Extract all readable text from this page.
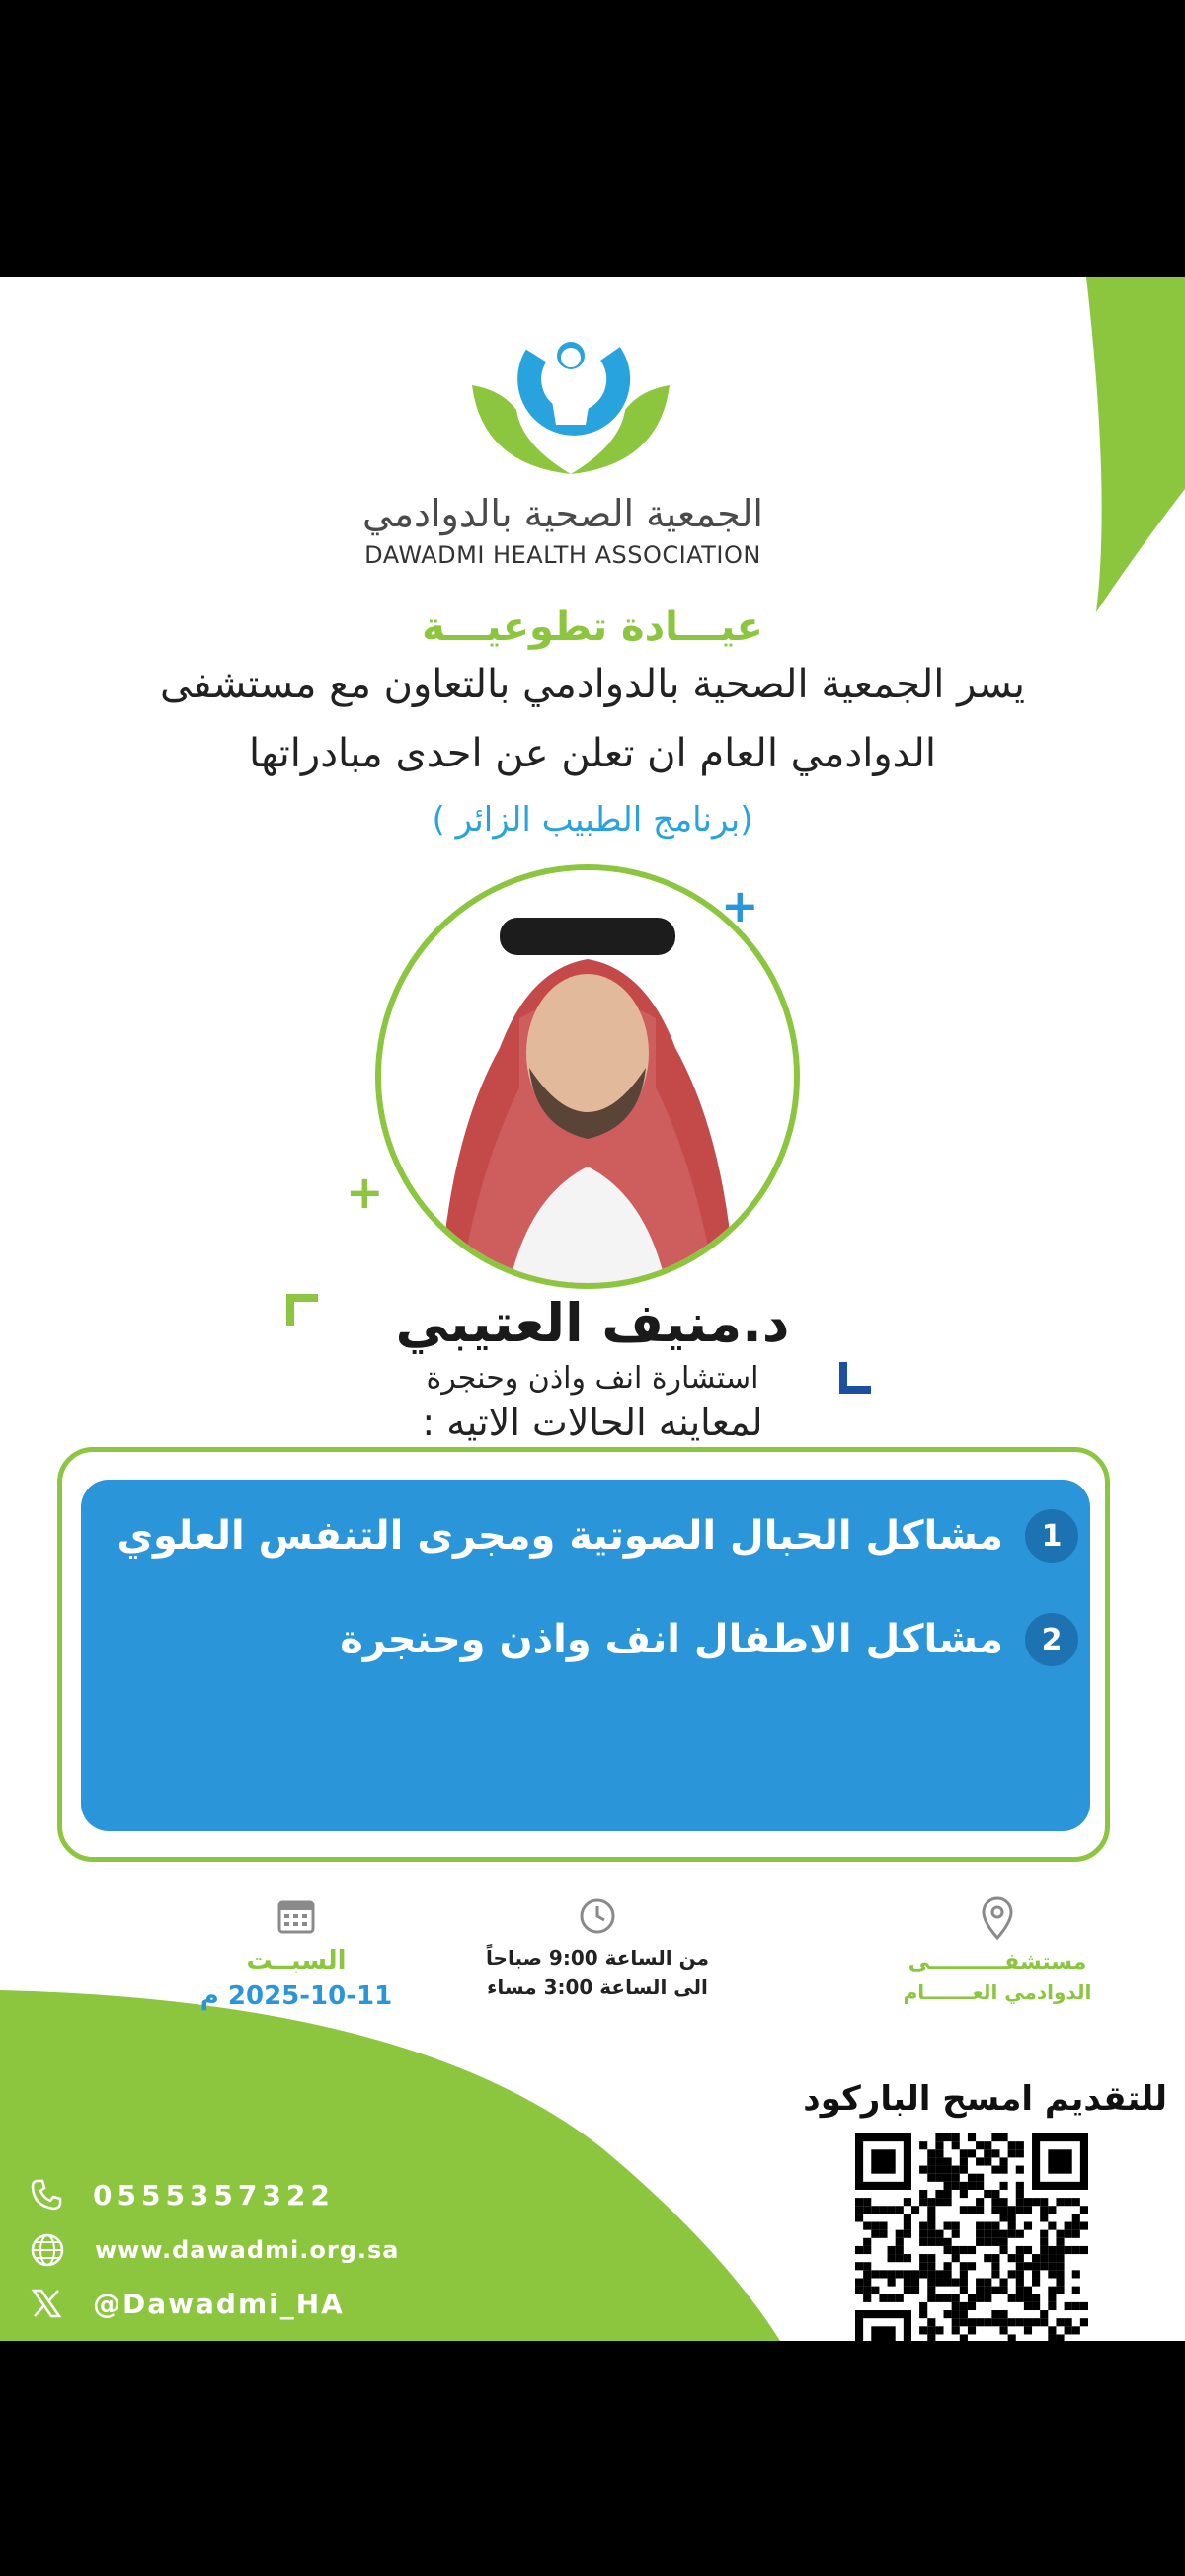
الجمعية الصحية بالدوادمي
DAWADMI HEALTH ASSOCIATION
عيـــادة تطوعيـــة
يسر الجمعية الصحية بالدوادمي بالتعاون مع مستشفى
الدوادمي العام ان تعلن عن احدى مبادراتها
(برنامج الطبيب الزائر )
+
+
د.منيف العتيبي
استشارة انف واذن وحنجرة
لمعاينه الحالات الاتيه :
1
مشاكل الحبال الصوتية ومجرى التنفس العلوي
2
مشاكل الاطفال انف واذن وحنجرة
السبــت
2025-10-11 م
من الساعة 9:00 صباحاً
الى الساعة 3:00 مساء
مستشفــــــــــى
الدوادمي العـــــــام
للتقديم امسح الباركود
0555357322
www.dawadmi.org.sa
@Dawadmi_HA
